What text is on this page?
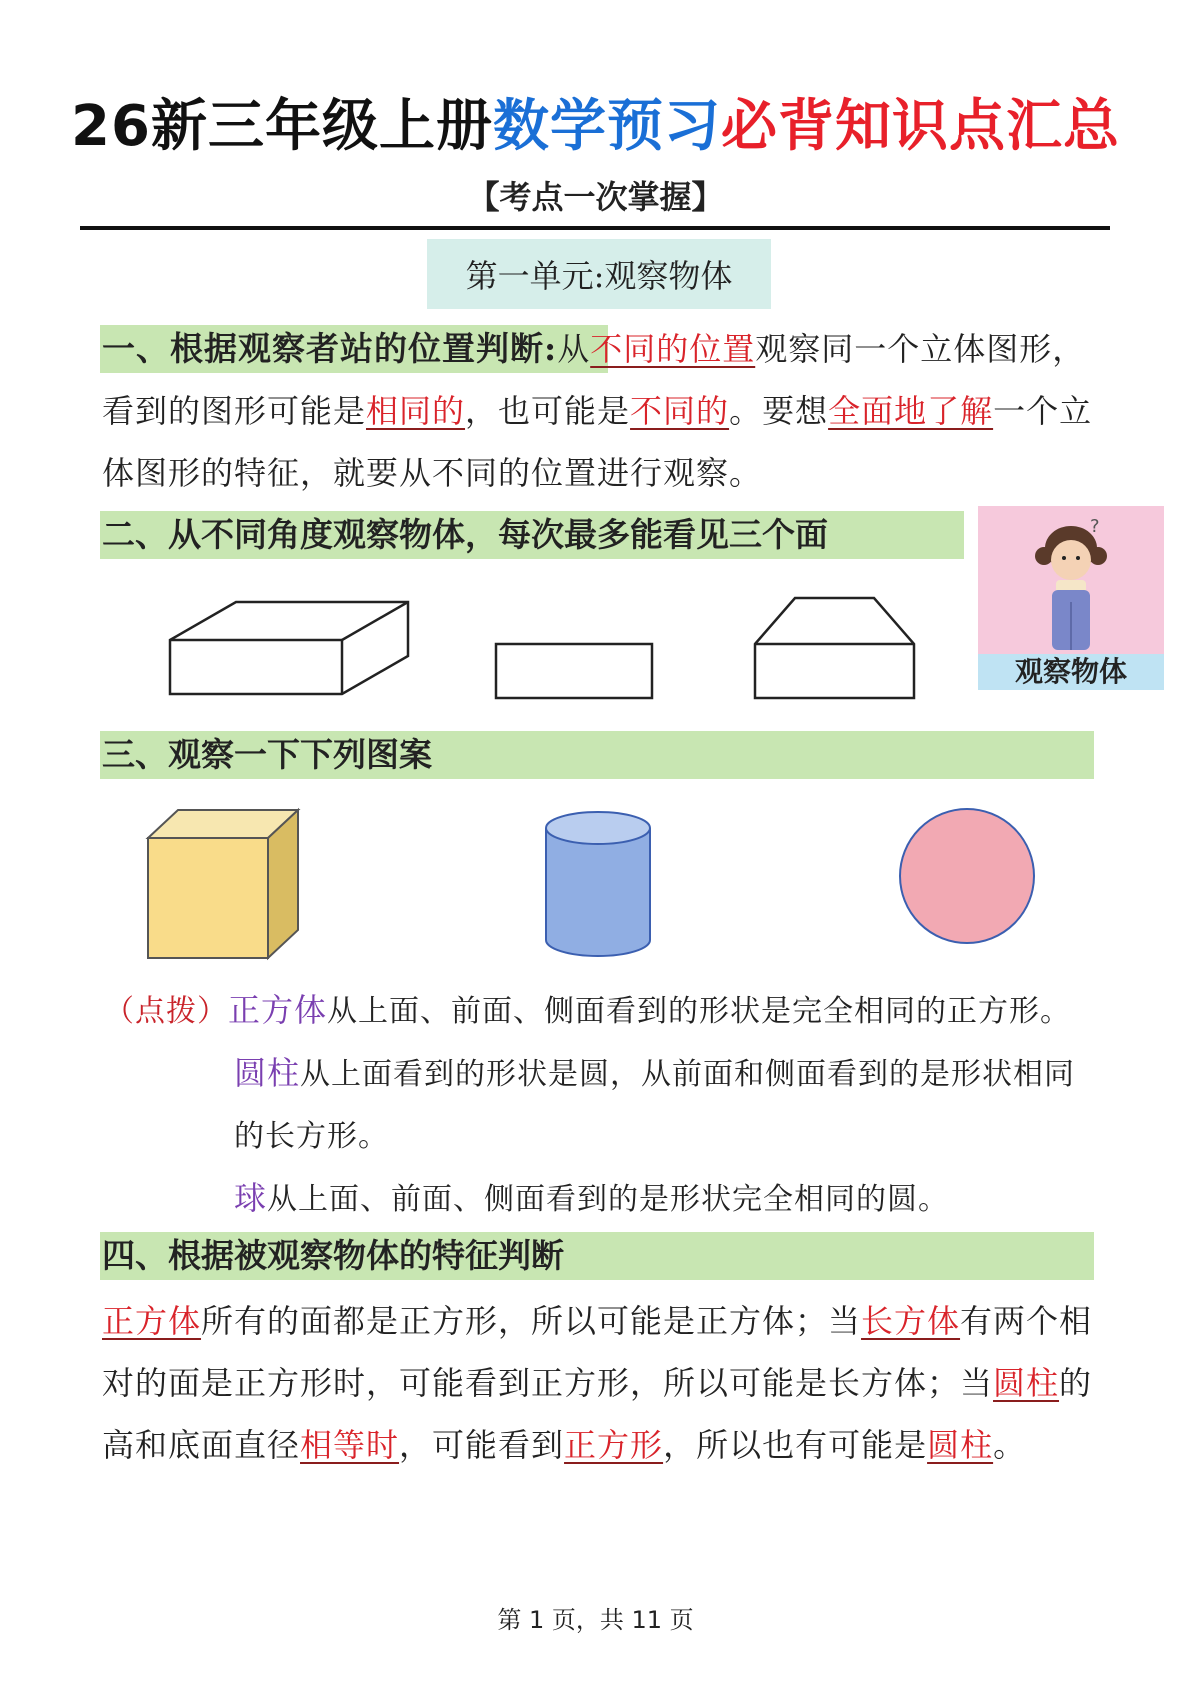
26新三年级上册数学预习必背知识点汇总
【考点一次掌握】
第一单元:观察物体
一、根据观察者站的位置判断:从不同的位置观察同一个立体图形，看到的图形可能是相同的，也可能是不同的。要想全面地了解一个立体图形的特征，就要从不同的位置进行观察。
二、从不同角度观察物体，每次最多能看见三个面	?
观察物体
三、观察一下下列图案
（点拨）正方体从上面、前面、侧面看到的形状是完全相同的正方形。
圆柱从上面看到的形状是圆，从前面和侧面看到的是形状相同
的长方形。
球从上面、前面、侧面看到的是形状完全相同的圆。
四、根据被观察物体的特征判断
正方体所有的面都是正方形，所以可能是正方体；当长方体有两个相对的面是正方形时，可能看到正方形，所以可能是长方体；当圆柱的高和底面直径相等时，可能看到正方形，所以也有可能是圆柱。
第 1 页，共 11 页
